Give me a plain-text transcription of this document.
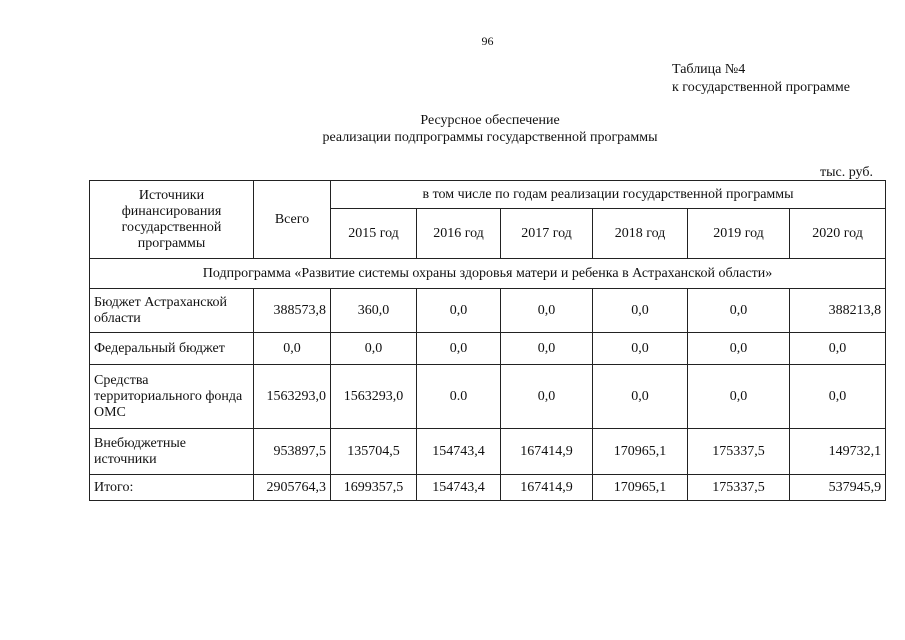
96
Таблица №4
к государственной программе
Ресурсное обеспечение
реализации подпрограммы государственной программы
тыс. руб.
Источники финансирования государственной программы	Всего	в том числе по годам реализации государственной программы					
		2015 год	2016 год	2017 год	2018 год	2019 год	2020 год
Подпрограмма «Развитие системы охраны здоровья матери и ребенка в Астраханской области»							
Бюджет Астраханской области	388573,8	360,0	0,0	0,0	0,0	0,0	388213,8
Федеральный бюджет	0,0	0,0	0,0	0,0	0,0	0,0	0,0
Средства территориального фонда ОМС	1563293,0	1563293,0	0.0	0,0	0,0	0,0	0,0
Внебюджетные источники	953897,5	135704,5	154743,4	167414,9	170965,1	175337,5	149732,1
Итого:	2905764,3	1699357,5	154743,4	167414,9	170965,1	175337,5	537945,9
